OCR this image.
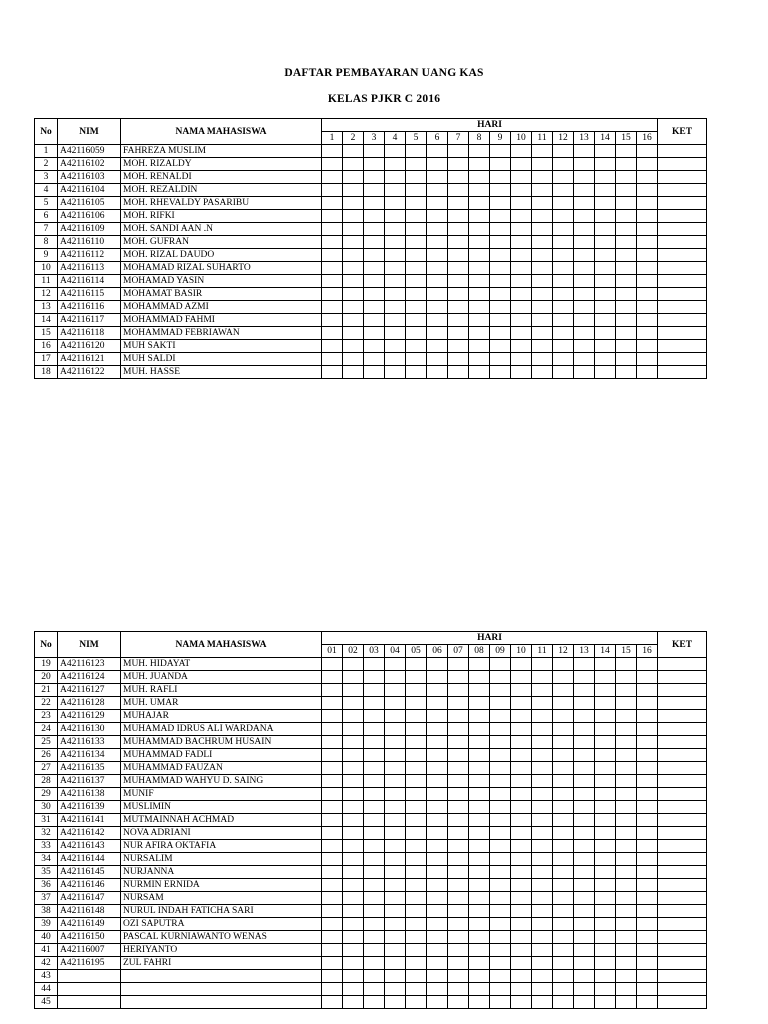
DAFTAR PEMBAYARAN UANG KAS
KELAS PJKR C 2016
No	NIM	NAMA MAHASISWA	HARI																KET
			1	2	3	4	5	6	7	8	9	10	11	12	13	14	15	16	
1	A42116059	FAHREZA MUSLIM																	
2	A42116102	MOH. RIZALDY																	
3	A42116103	MOH. RENALDI																	
4	A42116104	MOH. REZALDIN																	
5	A42116105	MOH. RHEVALDY PASARIBU																	
6	A42116106	MOH. RIFKI																	
7	A42116109	MOH. SANDI AAN .N																	
8	A42116110	MOH. GUFRAN																	
9	A42116112	MOH. RIZAL DAUDO																	
10	A42116113	MOHAMAD RIZAL SUHARTO																	
11	A42116114	MOHAMAD YASIN																	
12	A42116115	MOHAMAT BASIR																	
13	A42116116	MOHAMMAD AZMI																	
14	A42116117	MOHAMMAD FAHMI																	
15	A42116118	MOHAMMAD FEBRIAWAN																	
16	A42116120	MUH SAKTI																	
17	A42116121	MUH SALDI																	
18	A42116122	MUH. HASSE																	
No	NIM	NAMA MAHASISWA	HARI																KET
			01	02	03	04	05	06	07	08	09	10	11	12	13	14	15	16	
19	A42116123	MUH. HIDAYAT																	
20	A42116124	MUH. JUANDA																	
21	A42116127	MUH. RAFLI																	
22	A42116128	MUH. UMAR																	
23	A42116129	MUHAJAR																	
24	A42116130	MUHAMAD IDRUS ALI WARDANA																	
25	A42116133	MUHAMMAD BACHRUM HUSAIN																	
26	A42116134	MUHAMMAD FADLI																	
27	A42116135	MUHAMMAD FAUZAN																	
28	A42116137	MUHAMMAD WAHYU D. SAING																	
29	A42116138	MUNIF																	
30	A42116139	MUSLIMIN																	
31	A42116141	MUTMAINNAH ACHMAD																	
32	A42116142	NOVA ADRIANI																	
33	A42116143	NUR AFIRA OKTAFIA																	
34	A42116144	NURSALIM																	
35	A42116145	NURJANNA																	
36	A42116146	NURMIN ERNIDA																	
37	A42116147	NURSAM																	
38	A42116148	NURUL INDAH FATICHA SARI																	
39	A42116149	OZI SAPUTRA																	
40	A42116150	PASCAL KURNIAWANTO WENAS																	
41	A42116007	HERIYANTO																	
42	A42116195	ZUL FAHRI																	
43																			
44																			
45																			
